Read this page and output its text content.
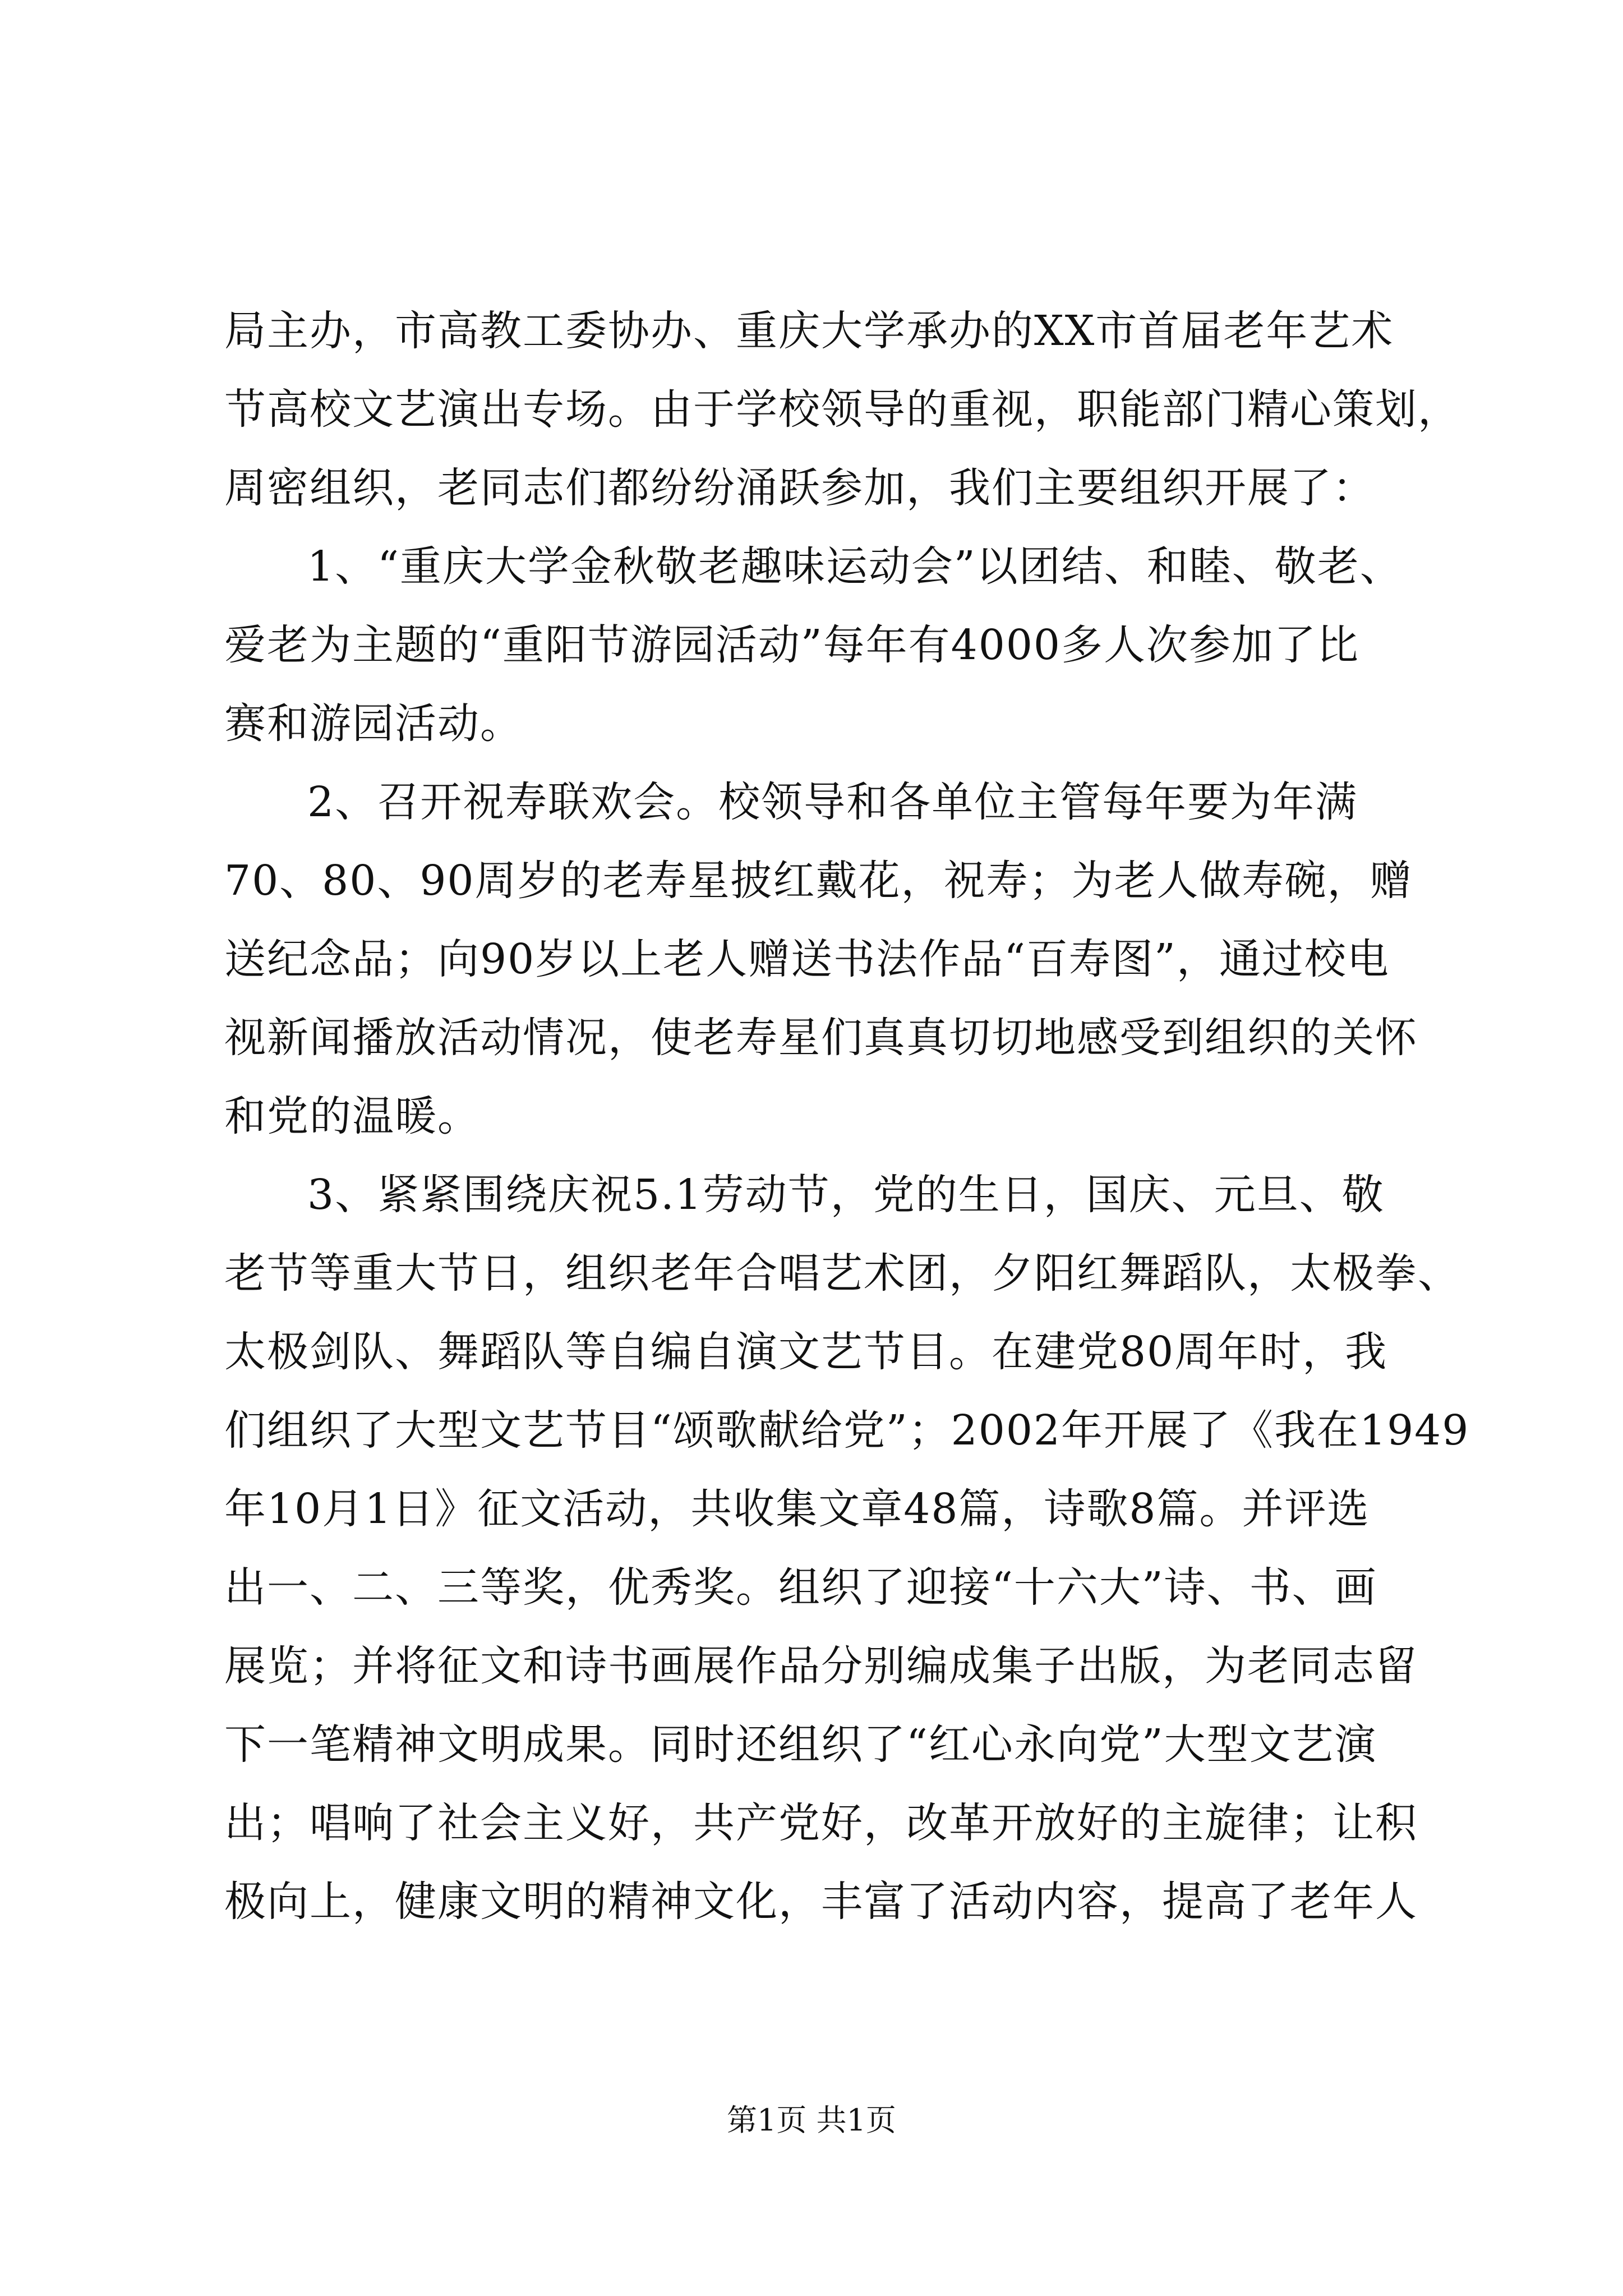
局主办，市高教工委协办、重庆大学承办的XX市首届老年艺术
节高校文艺演出专场。由于学校领导的重视，职能部门精心策划，
周密组织，老同志们都纷纷涌跃参加，我们主要组织开展了：
1、“重庆大学金秋敬老趣味运动会”以团结、和睦、敬老、
爱老为主题的“重阳节游园活动”每年有4000多人次参加了比
赛和游园活动。
2、召开祝寿联欢会。校领导和各单位主管每年要为年满
70、80、90周岁的老寿星披红戴花，祝寿；为老人做寿碗，赠
送纪念品；向90岁以上老人赠送书法作品“百寿图”，通过校电
视新闻播放活动情况，使老寿星们真真切切地感受到组织的关怀
和党的温暖。
3、紧紧围绕庆祝5.1劳动节，党的生日，国庆、元旦、敬
老节等重大节日，组织老年合唱艺术团，夕阳红舞蹈队，太极拳、
太极剑队、舞蹈队等自编自演文艺节目。在建党80周年时，我
们组织了大型文艺节目“颂歌献给党”；2002年开展了《我在1949
年10月1日》征文活动，共收集文章48篇，诗歌8篇。并评选
出一、二、三等奖，优秀奖。组织了迎接“十六大”诗、书、画
展览；并将征文和诗书画展作品分别编成集子出版，为老同志留
下一笔精神文明成果。同时还组织了“红心永向党”大型文艺演
出；唱响了社会主义好，共产党好，改革开放好的主旋律；让积
极向上，健康文明的精神文化，丰富了活动内容，提高了老年人
第1页 共1页
